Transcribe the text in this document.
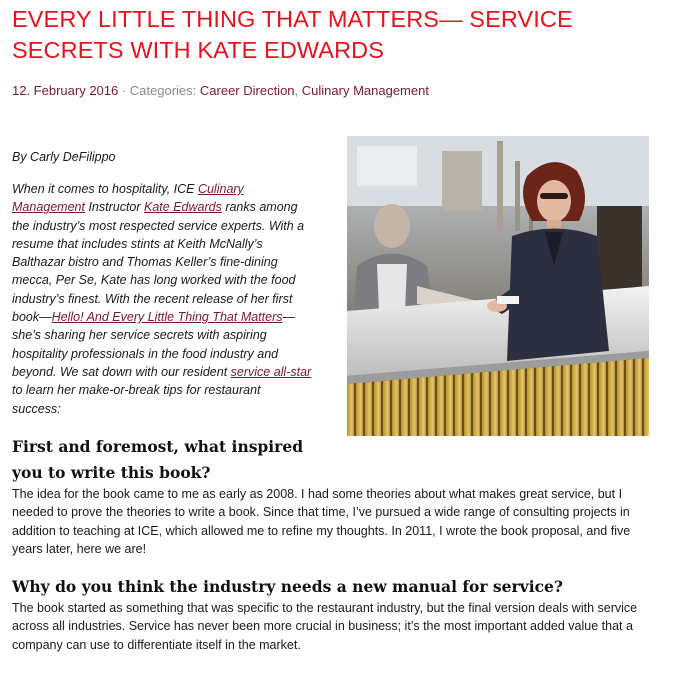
EVERY LITTLE THING THAT MATTERS— SERVICE SECRETS WITH KATE EDWARDS
12. February 2016 · Categories: Career Direction, Culinary Management
By Carly DeFilippo

When it comes to hospitality, ICE Culinary Management Instructor Kate Edwards ranks among the industry’s most respected service experts. With a resume that includes stints at Keith McNally’s Balthazar bistro and Thomas Keller’s fine-dining mecca, Per Se, Kate has long worked with the food industry’s finest. With the recent release of her first book—Hello! And Every Little Thing That Matters—she’s sharing her service secrets with aspiring hospitality professionals in the food industry and beyond. We sat down with our resident service all-star to learn her make-or-break tips for restaurant success:

First and foremost, what inspired you to write this book?

The idea for the book came to me as early as 2008. I had some theories about what makes great service, but I needed to prove the theories to write a book. Since that time, I’ve pursued a wide range of consulting projects in addition to teaching at ICE, which allowed me to refine my thoughts. In 2011, I wrote the book proposal, and five years later, here we are!

Why do you think the industry needs a new manual for service?

The book started as something that was specific to the restaurant industry, but the final version deals with service across all industries. Service has never been more crucial in business; it’s the most important added value that a company can use to differentiate itself in the market.
